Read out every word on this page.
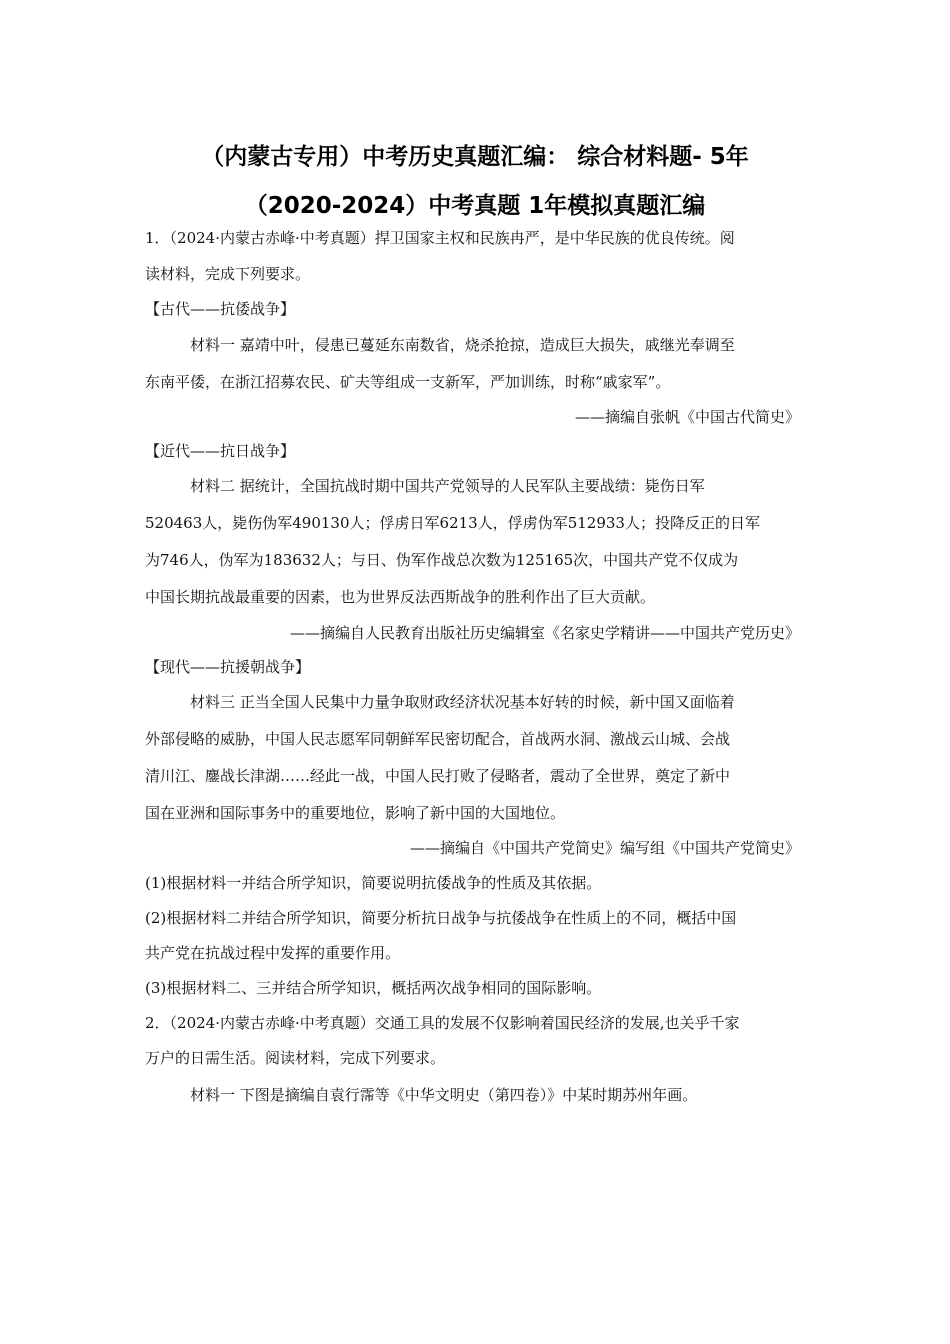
（内蒙古专用）中考历史真题汇编： 综合材料题- 5年
（2020-2024）中考真题 1年模拟真题汇编
1．（2024·内蒙古赤峰·中考真题）捍卫国家主权和民族冉严，是中华民族的优良传统。阅
读材料，完成下列要求。
【古代——抗倭战争】
材料一 嘉靖中叶，侵患已蔓延东南数省，烧杀抢掠，造成巨大损失，戚继光奉调至
东南平倭，在浙江招募农民、矿夫等组成一支新军，严加训练，时称“戚家军”。
——摘编自张帆《中国古代简史》
【近代——抗日战争】
材料二 据统计，全国抗战时期中国共产党领导的人民军队主要战绩：毙伤日军
520463人，毙伤伪军490130人；俘虏日军6213人，俘虏伪军512933人；投降反正的日军
为746人，伪军为183632人；与日、伪军作战总次数为125165次，中国共产党不仅成为
中国长期抗战最重要的因素，也为世界反法西斯战争的胜利作出了巨大贡献。
——摘编自人民教育出版社历史编辑室《名家史学精讲——中国共产党历史》
【现代——抗援朝战争】
材料三 正当全国人民集中力量争取财政经济状况基本好转的时候，新中国又面临着
外部侵略的威胁，中国人民志愿军同朝鲜军民密切配合，首战两水洞、激战云山城、会战
清川江、鏖战长津湖……经此一战，中国人民打败了侵略者，震动了全世界，奠定了新中
国在亚洲和国际事务中的重要地位，影响了新中国的大国地位。
——摘编自《中国共产党简史》编写组《中国共产党简史》
(1)根据材料一并结合所学知识，简要说明抗倭战争的性质及其依据。
(2)根据材料二并结合所学知识，简要分析抗日战争与抗倭战争在性质上的不同，概括中国
共产党在抗战过程中发挥的重要作用。
(3)根据材料二、三并结合所学知识，概括两次战争相同的国际影响。
2．（2024·内蒙古赤峰·中考真题）交通工具的发展不仅影响着国民经济的发展,也关乎千家
万户的日需生活。阅读材料，完成下列要求。
材料一 下图是摘编自袁行霈等《中华文明史（第四卷）》中某时期苏州年画。
